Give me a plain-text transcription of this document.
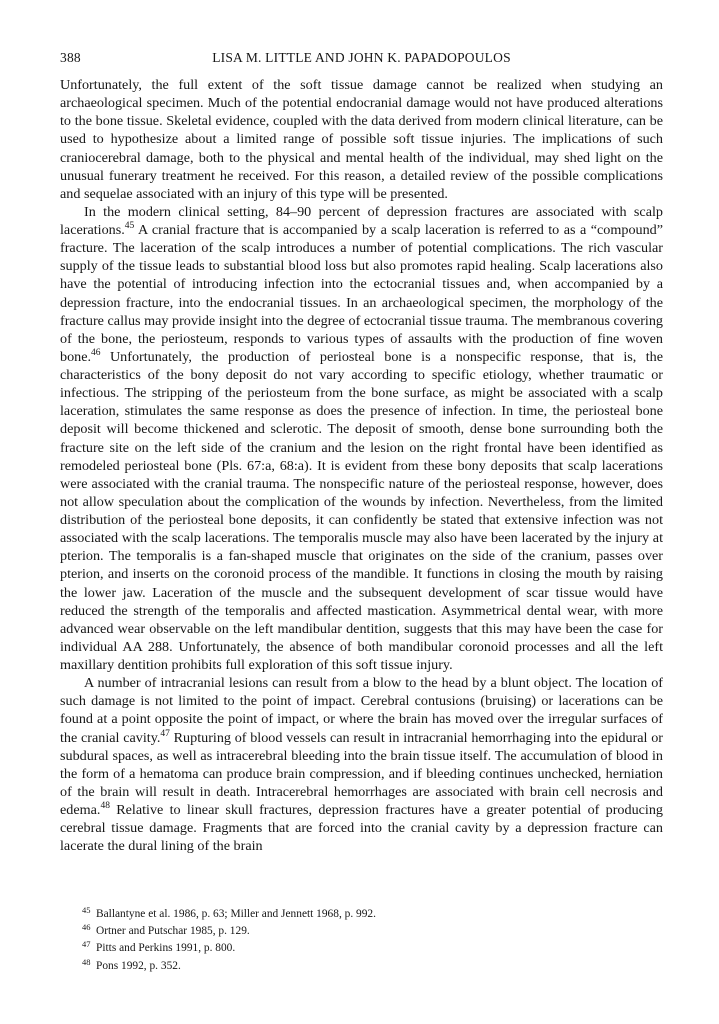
388	LISA M. LITTLE AND JOHN K. PAPADOPOULOS

Unfortunately, the full extent of the soft tissue damage cannot be realized when studying an archaeological specimen. Much of the potential endocranial damage would not have produced alterations to the bone tissue. Skeletal evidence, coupled with the data derived from modern clinical literature, can be used to hypothesize about a limited range of possible soft tissue injuries. The implications of such craniocerebral damage, both to the physical and mental health of the individual, may shed light on the unusual funerary treatment he received. For this reason, a detailed review of the possible complications and sequelae associated with an injury of this type will be presented.

In the modern clinical setting, 84–90 percent of depression fractures are associated with scalp lacerations.$^{45}$ A cranial fracture that is accompanied by a scalp laceration is referred to as a “compound” fracture. The laceration of the scalp introduces a number of potential complications. The rich vascular supply of the tissue leads to substantial blood loss but also promotes rapid healing. Scalp lacerations also have the potential of introducing infection into the ectocranial tissues and, when accompanied by a depression fracture, into the endocranial tissues. In an archaeological specimen, the morphology of the fracture callus may provide insight into the degree of ectocranial tissue trauma. The membranous covering of the bone, the periosteum, responds to various types of assaults with the production of fine woven bone.$^{46}$ Unfortunately, the production of periosteal bone is a nonspecific response, that is, the characteristics of the bony deposit do not vary according to specific etiology, whether traumatic or infectious. The stripping of the periosteum from the bone surface, as might be associated with a scalp laceration, stimulates the same response as does the presence of infection. In time, the periosteal bone deposit will become thickened and sclerotic. The deposit of smooth, dense bone surrounding both the fracture site on the left side of the cranium and the lesion on the right frontal have been identified as remodeled periosteal bone (Pls. 67:a, 68:a). It is evident from these bony deposits that scalp lacerations were associated with the cranial trauma. The nonspecific nature of the periosteal response, however, does not allow speculation about the complication of the wounds by infection. Nevertheless, from the limited distribution of the periosteal bone deposits, it can confidently be stated that extensive infection was not associated with the scalp lacerations. The temporalis muscle may also have been lacerated by the injury at pterion. The temporalis is a fan-shaped muscle that originates on the side of the cranium, passes over pterion, and inserts on the coronoid process of the mandible. It functions in closing the mouth by raising the lower jaw. Laceration of the muscle and the subsequent development of scar tissue would have reduced the strength of the temporalis and affected mastication. Asymmetrical dental wear, with more advanced wear observable on the left mandibular dentition, suggests that this may have been the case for individual AA 288. Unfortunately, the absence of both mandibular coronoid processes and all the left maxillary dentition prohibits full exploration of this soft tissue injury.

A number of intracranial lesions can result from a blow to the head by a blunt object. The location of such damage is not limited to the point of impact. Cerebral contusions (bruising) or lacerations can be found at a point opposite the point of impact, or where the brain has moved over the irregular surfaces of the cranial cavity.$^{47}$ Rupturing of blood vessels can result in intracranial hemorrhaging into the epidural or subdural spaces, as well as intracerebral bleeding into the brain tissue itself. The accumulation of blood in the form of a hematoma can produce brain compression, and if bleeding continues unchecked, herniation of the brain will result in death. Intracerebral hemorrhages are associated with brain cell necrosis and edema.$^{48}$ Relative to linear skull fractures, depression fractures have a greater potential of producing cerebral tissue damage. Fragments that are forced into the cranial cavity by a depression fracture can lacerate the dural lining of the brain

45 Ballantyne et al. 1986, p. 63; Miller and Jennett 1968, p. 992.
46 Ortner and Putschar 1985, p. 129.
47 Pitts and Perkins 1991, p. 800.
48 Pons 1992, p. 352.
